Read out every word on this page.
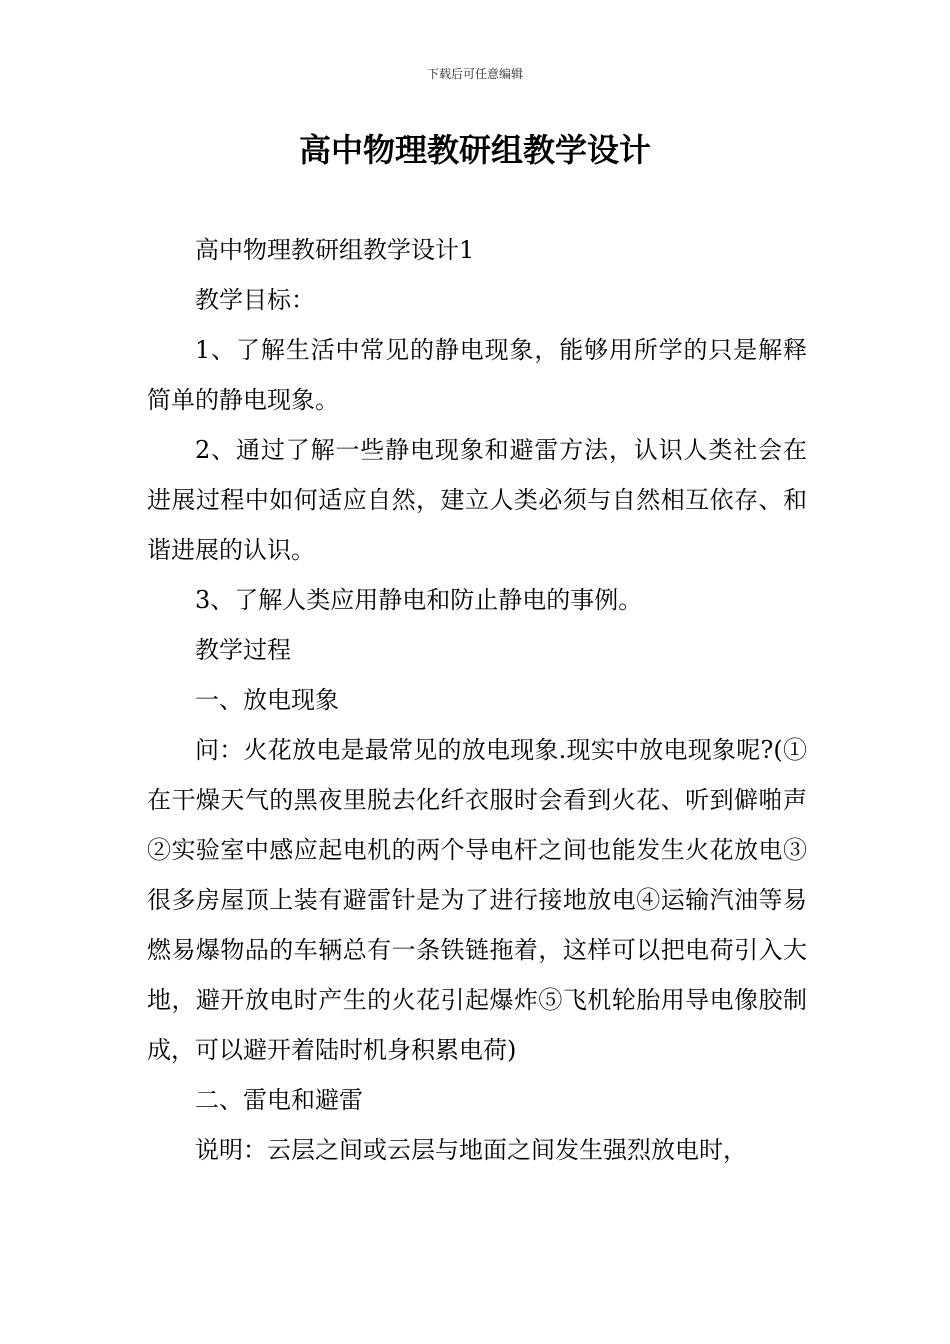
下载后可任意编辑
高中物理教研组教学设计

高中物理教研组教学设计1

教学目标：

1、了解生活中常见的静电现象，能够用所学的只是解释简单的静电现象。

2、通过了解一些静电现象和避雷方法，认识人类社会在进展过程中如何适应自然，建立人类必须与自然相互依存、和谐进展的认识。

3、了解人类应用静电和防止静电的事例。

教学过程

一、放电现象

问：火花放电是最常见的放电现象.现实中放电现象呢?(①在干燥天气的黑夜里脱去化纤衣服时会看到火花、听到僻啪声②实验室中感应起电机的两个导电杆之间也能发生火花放电③很多房屋顶上装有避雷针是为了进行接地放电④运输汽油等易燃易爆物品的车辆总有一条铁链拖着，这样可以把电荷引入大地，避开放电时产生的火花引起爆炸⑤飞机轮胎用导电像胶制成，可以避开着陆时机身积累电荷)

二、雷电和避雷

说明：云层之间或云层与地面之间发生强烈放电时，
